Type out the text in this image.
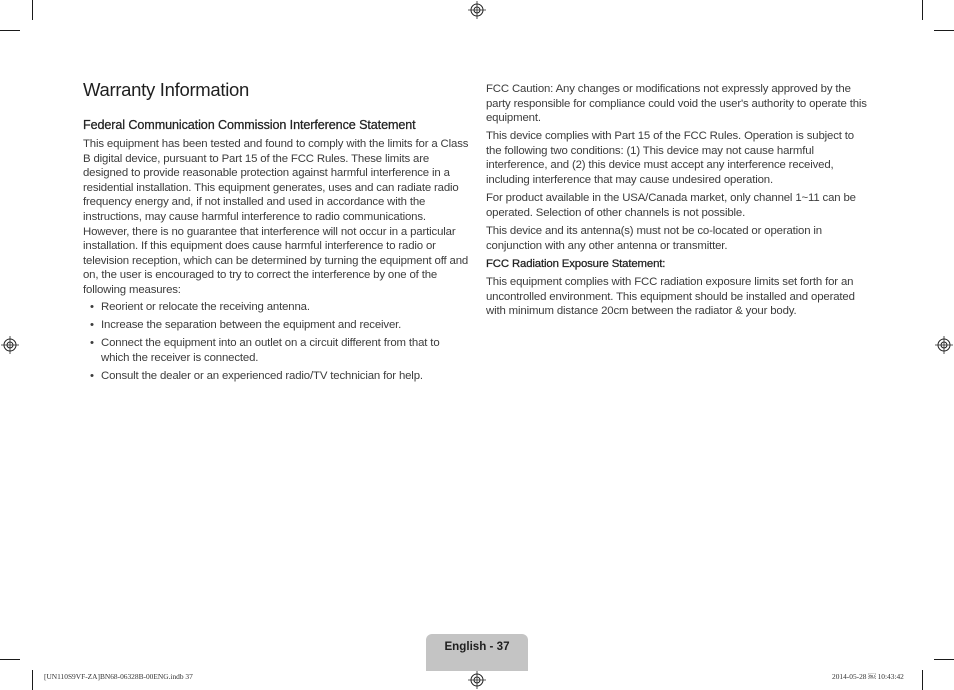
Warranty Information
Federal Communication Commission Interference Statement

This equipment has been tested and found to comply with the limits for a Class B digital device, pursuant to Part 15 of the FCC Rules. These limits are designed to provide reasonable protection against harmful interference in a residential installation. This equipment generates, uses and can radiate radio frequency energy and, if not installed and used in accordance with the instructions, may cause harmful interference to radio communications. However, there is no guarantee that interference will not occur in a particular installation. If this equipment does cause harmful interference to radio or television reception, which can be determined by turning the equipment off and on, the user is encouraged to try to correct the interference by one of the following measures:

• Reorient or relocate the receiving antenna.
• Increase the separation between the equipment and receiver.
• Connect the equipment into an outlet on a circuit different from that to which the receiver is connected.
• Consult the dealer or an experienced radio/TV technician for help.

FCC Caution: Any changes or modifications not expressly approved by the party responsible for compliance could void the user's authority to operate this equipment.

This device complies with Part 15 of the FCC Rules. Operation is subject to the following two conditions: (1) This device may not cause harmful interference, and (2) this device must accept any interference received, including interference that may cause undesired operation.

For product available in the USA/Canada market, only channel 1~11 can be operated. Selection of other channels is not possible.

This device and its antenna(s) must not be co-located or operation in conjunction with any other antenna or transmitter.

FCC Radiation Exposure Statement:

This equipment complies with FCC radiation exposure limits set forth for an uncontrolled environment. This equipment should be installed and operated with minimum distance 20cm between the radiator & your body.

English - 37
[UN110S9VF-ZA]BN68-06328B-00ENG.indb 37	2014-05-28 ￼ 10:43:42
